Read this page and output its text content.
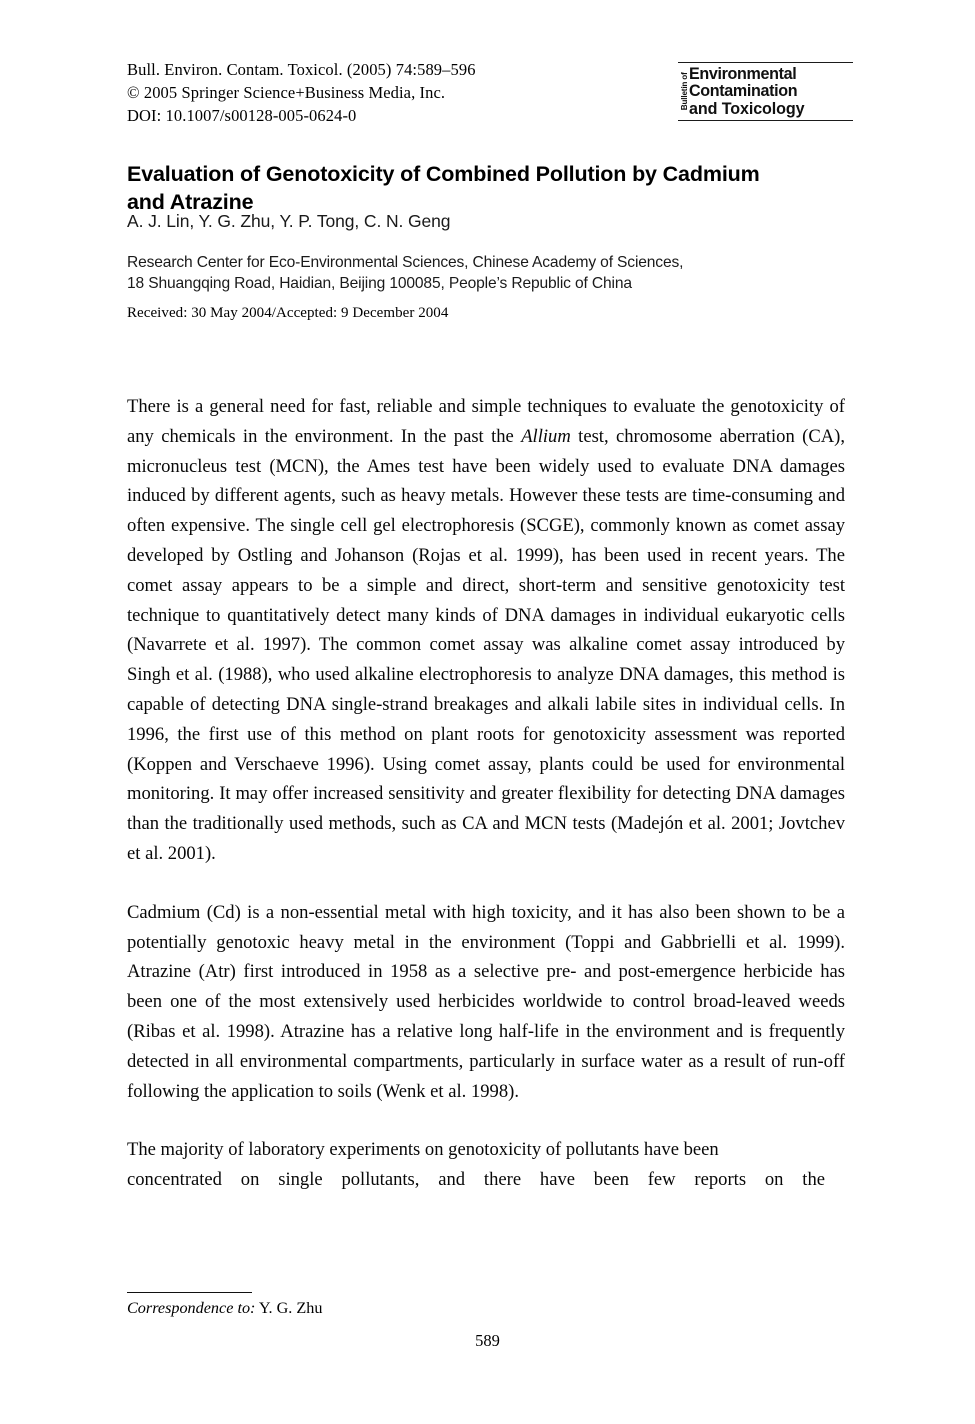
Bull. Environ. Contam. Toxicol. (2005) 74:589–596
© 2005 Springer Science+Business Media, Inc.
DOI: 10.1007/s00128-005-0624-0
Bulletin of Environmental
Contamination
and Toxicology
Evaluation of Genotoxicity of Combined Pollution by Cadmium and Atrazine
A. J. Lin, Y. G. Zhu, Y. P. Tong, C. N. Geng
Research Center for Eco-Environmental Sciences, Chinese Academy of Sciences,
18 Shuangqing Road, Haidian, Beijing 100085, People’s Republic of China
Received: 30 May 2004/Accepted: 9 December 2004

There is a general need for fast, reliable and simple techniques to evaluate the genotoxicity of any chemicals in the environment. In the past the Allium test, chromosome aberration (CA), micronucleus test (MCN), the Ames test have been widely used to evaluate DNA damages induced by different agents, such as heavy metals. However these tests are time-consuming and often expensive. The single cell gel electrophoresis (SCGE), commonly known as comet assay developed by Ostling and Johanson (Rojas et al. 1999), has been used in recent years. The comet assay appears to be a simple and direct, short-term and sensitive genotoxicity test technique to quantitatively detect many kinds of DNA damages in individual eukaryotic cells (Navarrete et al. 1997). The common comet assay was alkaline comet assay introduced by Singh et al. (1988), who used alkaline electrophoresis to analyze DNA damages, this method is capable of detecting DNA single-strand breakages and alkali labile sites in individual cells. In 1996, the first use of this method on plant roots for genotoxicity assessment was reported (Koppen and Verschaeve 1996). Using comet assay, plants could be used for environmental monitoring. It may offer increased sensitivity and greater flexibility for detecting DNA damages than the traditionally used methods, such as CA and MCN tests (Madejón et al. 2001; Jovtchev et al. 2001).

Cadmium (Cd) is a non-essential metal with high toxicity, and it has also been shown to be a potentially genotoxic heavy metal in the environment (Toppi and Gabbrielli et al. 1999). Atrazine (Atr) first introduced in 1958 as a selective pre- and post-emergence herbicide has been one of the most extensively used herbicides worldwide to control broad-leaved weeds (Ribas et al. 1998). Atrazine has a relative long half-life in the environment and is frequently detected in all environmental compartments, particularly in surface water as a result of run-off following the application to soils (Wenk et al. 1998).

The majority of laboratory experiments on genotoxicity of pollutants have been
concentrated on single pollutants, and there have been few reports on the

Correspondence to: Y. G. Zhu
589
